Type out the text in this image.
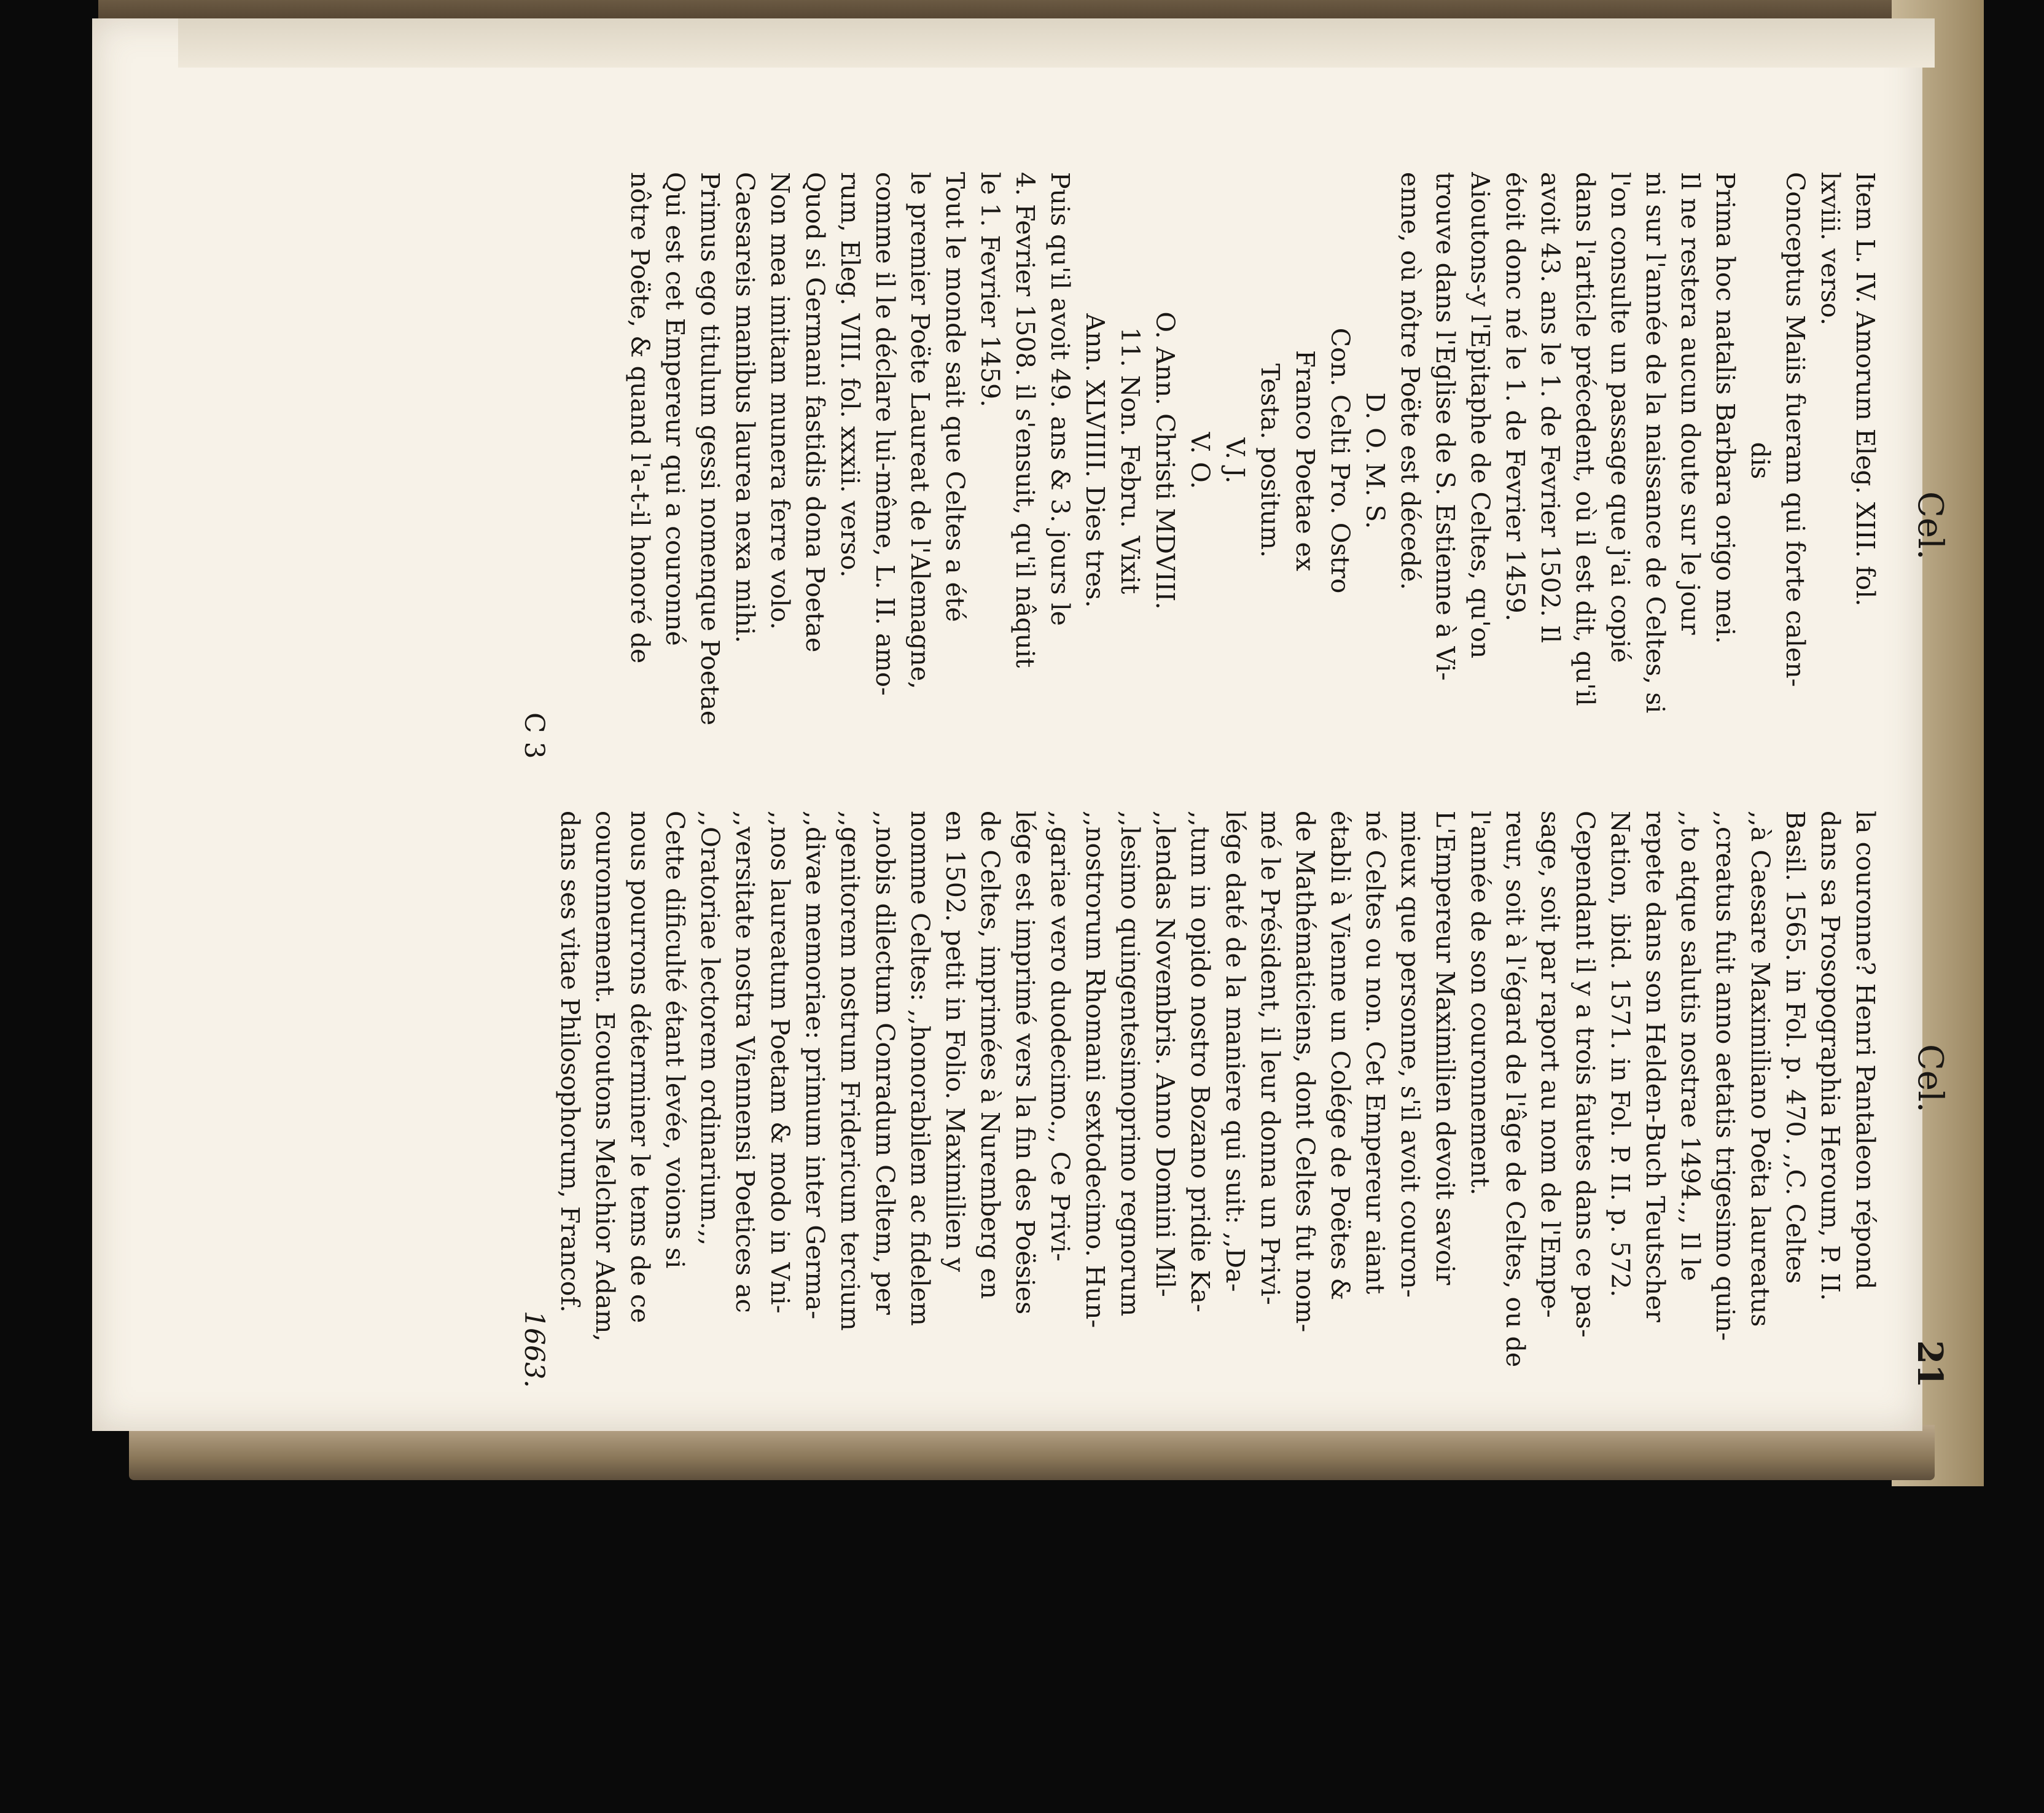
Cel.
Cel.
21
Item L. IV. Amorum Eleg. XIII. fol.
lxviii. verso.
Conceptus Maiis fueram qui forte calen-
dis
Prima hoc natalis Barbara origo mei.
Il ne restera aucun doute sur le jour
ni sur l'année de la naissance de Celtes, si
l'on consulte un passage que j'ai copié
dans l'article précedent, où il est dit, qu'il
avoit 43. ans le 1. de Fevrier 1502. Il
étoit donc né le 1. de Fevrier 1459.
Aioutons-y l'Epitaphe de Celtes, qu'on
trouve dans l'Eglise de S. Estienne à Vi-
enne, où nôtre Poëte est décedé.
D. O. M. S.
Con. Celti Pro. Ostro
Franco Poetae ex
Testa. positum.
V. J.
V. O.
O. Ann. Christi MDVIII.
11. Non. Febru. Vixit
Ann. XLVIIII. Dies tres.
Puis qu'il avoit 49. ans & 3. jours le
4. Fevrier 1508. il s'ensuit, qu'il nâquit
le 1. Fevrier 1459.
Tout le monde sait que Celtes a été
le premier Poëte Laureat de l'Alemagne,
comme il le déclare lui-même, L. II. amo-
rum, Eleg. VIII. fol. xxxii. verso.
Quod si Germani fastidis dona Poetae
Non mea imitam munera ferre volo.
Caesareis manibus laurea nexa mihi.
Primus ego titulum gessi nomenque Poetae
Qui est cet Empereur qui a couronné
nôtre Poëte, & quand l'a-t-il honoré de
la couronne? Henri Pantaleon répond
dans sa Prosopographia Heroum, P. II.
Basil. 1565. in Fol. p. 470. ,,C. Celtes
,,à Caesare Maximiliano Poëta laureatus
,,creatus fuit anno aetatis trigesimo quin-
,,to atque salutis nostrae 1494.,, Il le
repete dans son Helden-Buch Teutscher
Nation, ibid. 1571. in Fol. P. II. p. 572.
Cependant il y a trois fautes dans ce pas-
sage, soit par raport au nom de l'Empe-
reur, soit à l'égard de l'âge de Celtes, ou de
l'année de son couronnement.
L'Empereur Maximilien devoit savoir
mieux que personne, s'il avoit couron-
né Celtes ou non. Cet Empereur aiant
établi à Vienne un Colége de Poëtes &
de Mathématiciens, dont Celtes fut nom-
mé le Président, il leur donna un Privi-
lége daté de la maniere qui suit: ,,Da-
,,tum in opido nostro Bozano pridie Ka-
,,lendas Novembris. Anno Domini Mil-
,,lesimo quingentesimoprimo regnorum
,,nostrorum Rhomani sextodecimo. Hun-
,,gariae vero duodecimo.,, Ce Privi-
lége est imprimé vers la fin des Poësies
de Celtes, imprimées à Nuremberg en
en 1502. petit in Folio. Maximilien y
nomme Celtes: ,,honorabilem ac fidelem
,,nobis dilectum Conradum Celtem, per
,,genitorem nostrum Fridericum tercium
,,divae memoriae: primum inter Germa-
,,nos laureatum Poetam & modo in Vni-
,,versitate nostra Viennensi Poetices ac
,,Oratoriae lectorem ordinarium.,,
Cette dificulté étant levée, voions si
nous pourrons déterminer le tems de ce
couronnement. Ecoutons Melchior Adam,
dans ses vitae Philosophorum, Francof.
C 3
1663.
